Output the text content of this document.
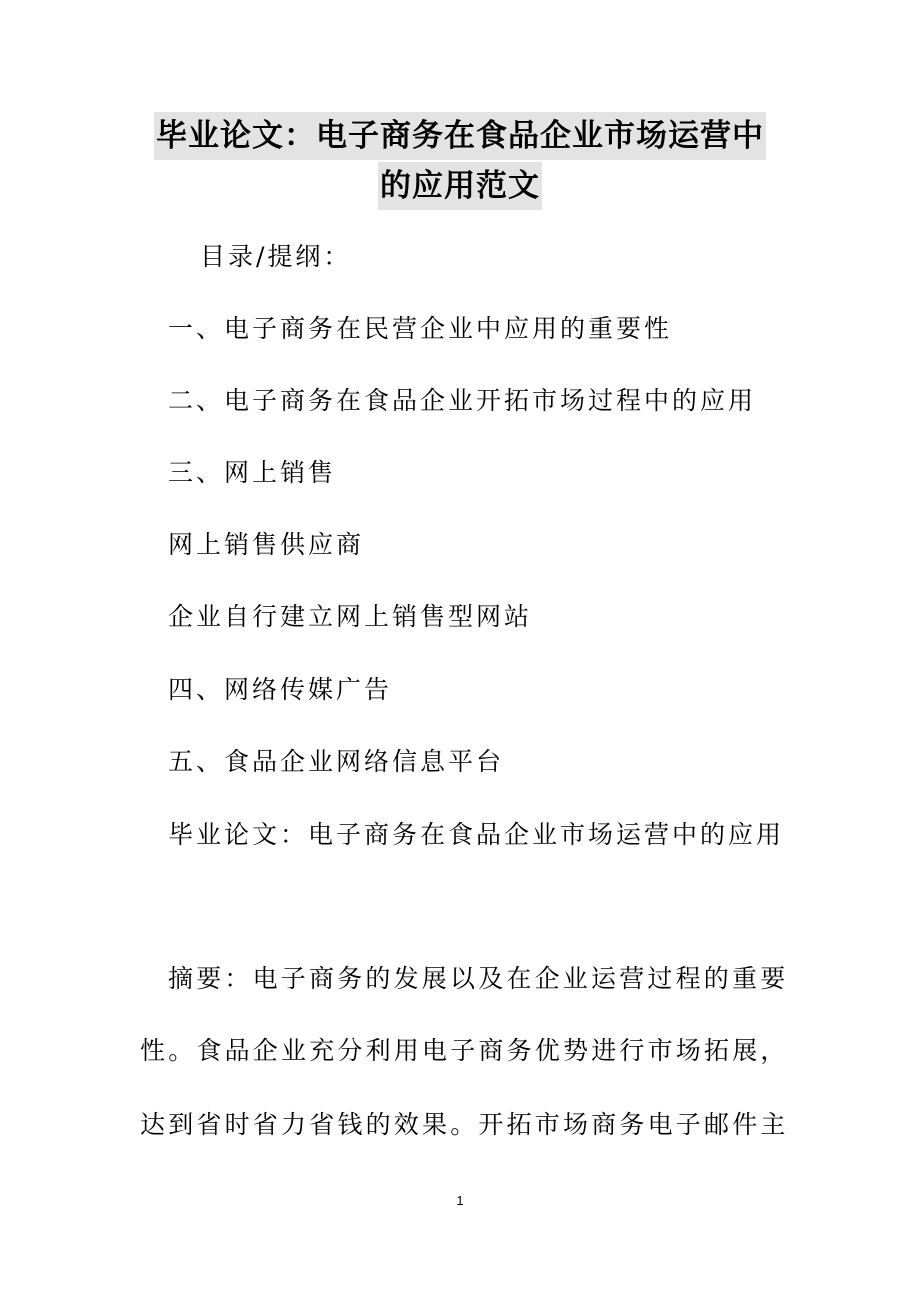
毕业论文：电子商务在食品企业市场运营中
的应用范文
目录/提纲：
一、电子商务在民营企业中应用的重要性
二、电子商务在食品企业开拓市场过程中的应用
三、网上销售
网上销售供应商
企业自行建立网上销售型网站
四、网络传媒广告
五、食品企业网络信息平台
毕业论文：电子商务在食品企业市场运营中的应用
摘要：电子商务的发展以及在企业运营过程的重要
性。食品企业充分利用电子商务优势进行市场拓展，
达到省时省力省钱的效果。开拓市场商务电子邮件主
1
